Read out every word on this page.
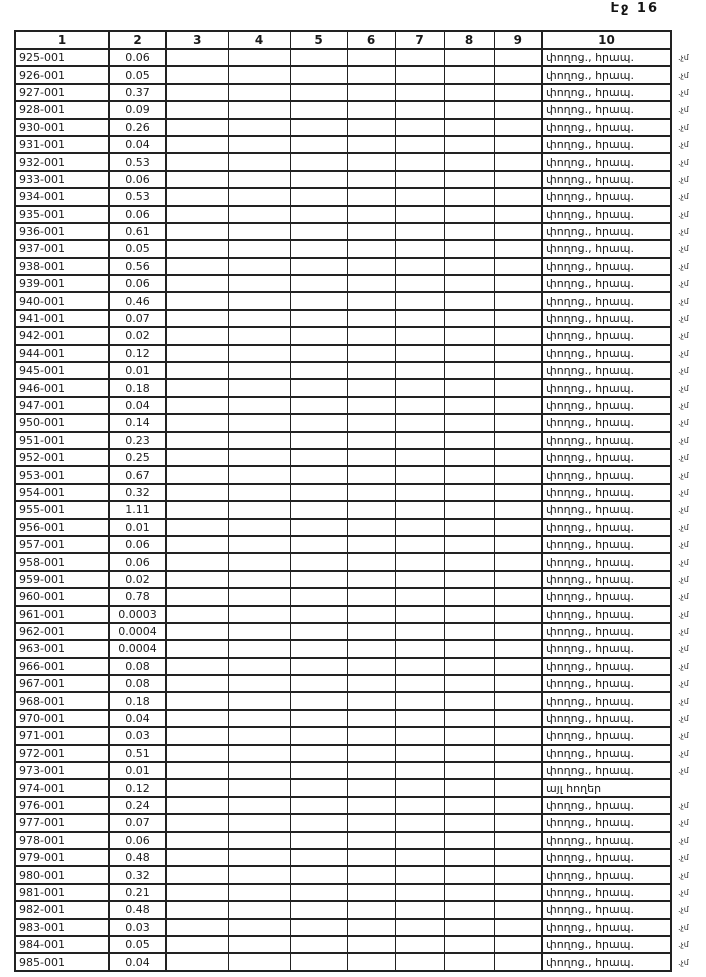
Էջ 16
1	2	3	4	5	6	7	8	9	10	
925-001	0.06								փողոց., հրապ.	.չմ
926-001	0.05								փողոց., հրապ.	.չմ
927-001	0.37								փողոց., հրապ.	.չմ
928-001	0.09								փողոց., հրապ.	.չմ
930-001	0.26								փողոց., հրապ.	.չմ
931-001	0.04								փողոց., հրապ.	.չմ
932-001	0.53								փողոց., հրապ.	.չմ
933-001	0.06								փողոց., հրապ.	.չմ
934-001	0.53								փողոց., հրապ.	.չմ
935-001	0.06								փողոց., հրապ.	.չմ
936-001	0.61								փողոց., հրապ.	.չմ
937-001	0.05								փողոց., հրապ.	.չմ
938-001	0.56								փողոց., հրապ.	.չմ
939-001	0.06								փողոց., հրապ.	.չմ
940-001	0.46								փողոց., հրապ.	.չմ
941-001	0.07								փողոց., հրապ.	.չմ
942-001	0.02								փողոց., հրապ.	.չմ
944-001	0.12								փողոց., հրապ.	.չմ
945-001	0.01								փողոց., հրապ.	.չմ
946-001	0.18								փողոց., հրապ.	.չմ
947-001	0.04								փողոց., հրապ.	.չմ
950-001	0.14								փողոց., հրապ.	.չմ
951-001	0.23								փողոց., հրապ.	.չմ
952-001	0.25								փողոց., հրապ.	.չմ
953-001	0.67								փողոց., հրապ.	.չմ
954-001	0.32								փողոց., հրապ.	.չմ
955-001	1.11								փողոց., հրապ.	.չմ
956-001	0.01								փողոց., հրապ.	.չմ
957-001	0.06								փողոց., հրապ.	.չմ
958-001	0.06								փողոց., հրապ.	.չմ
959-001	0.02								փողոց., հրապ.	.չմ
960-001	0.78								փողոց., հրապ.	.չմ
961-001	0.0003								փողոց., հրապ.	.չմ
962-001	0.0004								փողոց., հրապ.	.չմ
963-001	0.0004								փողոց., հրապ.	.չմ
966-001	0.08								փողոց., հրապ.	.չմ
967-001	0.08								փողոց., հրապ.	.չմ
968-001	0.18								փողոց., հրապ.	.չմ
970-001	0.04								փողոց., հրապ.	.չմ
971-001	0.03								փողոց., հրապ.	.չմ
972-001	0.51								փողոց., հրապ.	.չմ
973-001	0.01								փողոց., հրապ.	.չմ
974-001	0.12								այլ հողեր	
976-001	0.24								փողոց., հրապ.	.չմ
977-001	0.07								փողոց., հրապ.	.չմ
978-001	0.06								փողոց., հրապ.	.չմ
979-001	0.48								փողոց., հրապ.	.չմ
980-001	0.32								փողոց., հրապ.	.չմ
981-001	0.21								փողոց., հրապ.	.չմ
982-001	0.48								փողոց., հրապ.	.չմ
983-001	0.03								փողոց., հրապ.	.չմ
984-001	0.05								փողոց., հրապ.	.չմ
985-001	0.04								փողոց., հրապ.	.չմ
